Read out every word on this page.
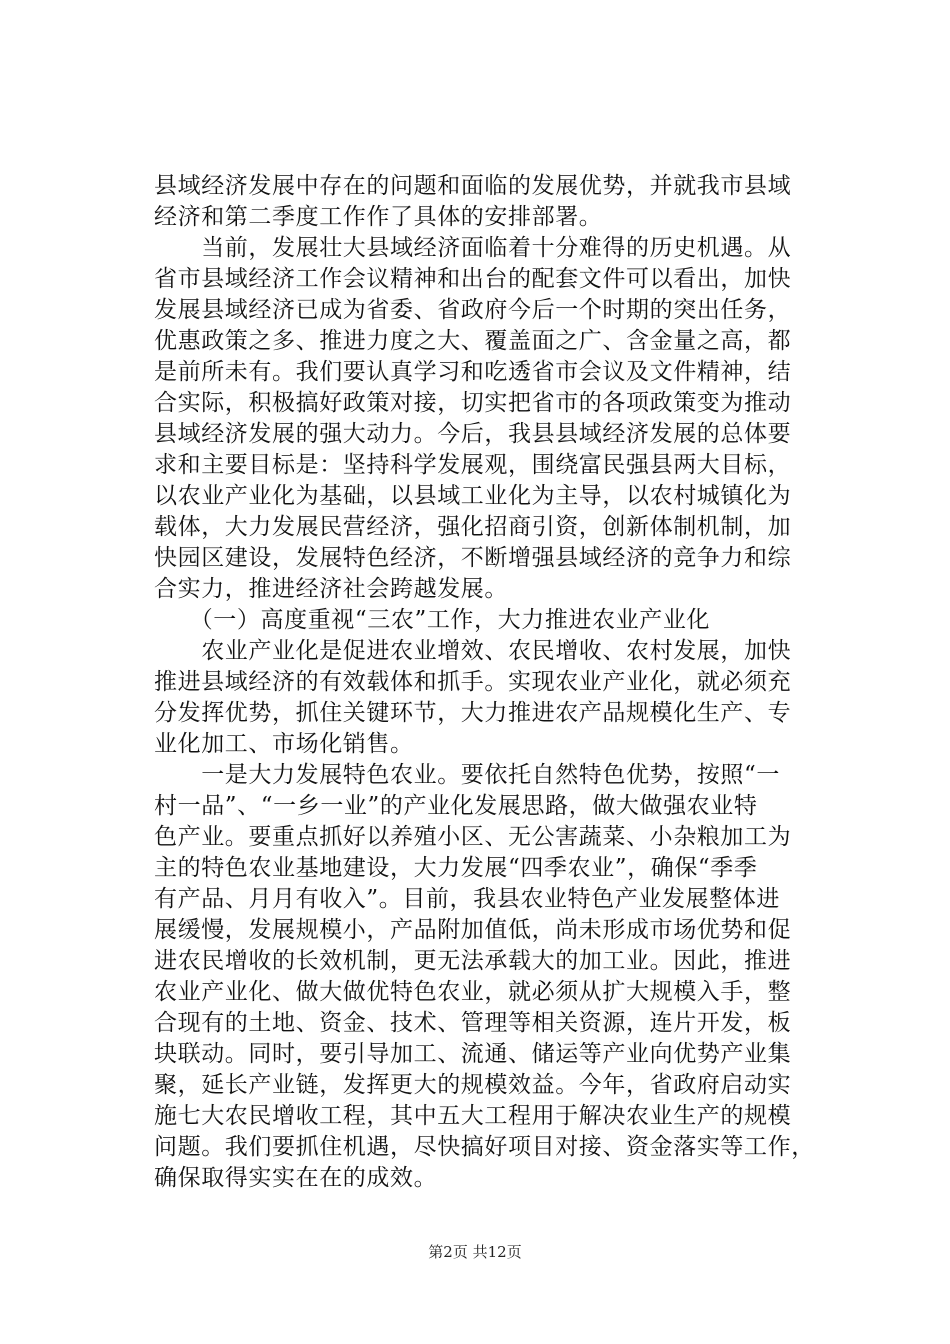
县域经济发展中存在的问题和面临的发展优势，并就我市县域
经济和第二季度工作作了具体的安排部署。
　　当前，发展壮大县域经济面临着十分难得的历史机遇。从
省市县域经济工作会议精神和出台的配套文件可以看出，加快
发展县域经济已成为省委、省政府今后一个时期的突出任务，
优惠政策之多、推进力度之大、覆盖面之广、含金量之高，都
是前所未有。我们要认真学习和吃透省市会议及文件精神，结
合实际，积极搞好政策对接，切实把省市的各项政策变为推动
县域经济发展的强大动力。今后，我县县域经济发展的总体要
求和主要目标是：坚持科学发展观，围绕富民强县两大目标，
以农业产业化为基础，以县域工业化为主导，以农村城镇化为
载体，大力发展民营经济，强化招商引资，创新体制机制，加
快园区建设，发展特色经济，不断增强县域经济的竞争力和综
合实力，推进经济社会跨越发展。
　　（一）高度重视“三农”工作，大力推进农业产业化
　　农业产业化是促进农业增效、农民增收、农村发展，加快
推进县域经济的有效载体和抓手。实现农业产业化，就必须充
分发挥优势，抓住关键环节，大力推进农产品规模化生产、专
业化加工、市场化销售。
　　一是大力发展特色农业。要依托自然特色优势，按照“一
村一品”、“一乡一业”的产业化发展思路，做大做强农业特
色产业。要重点抓好以养殖小区、无公害蔬菜、小杂粮加工为
主的特色农业基地建设，大力发展“四季农业”，确保“季季
有产品、月月有收入”。目前，我县农业特色产业发展整体进
展缓慢，发展规模小，产品附加值低，尚未形成市场优势和促
进农民增收的长效机制，更无法承载大的加工业。因此，推进
农业产业化、做大做优特色农业，就必须从扩大规模入手，整
合现有的土地、资金、技术、管理等相关资源，连片开发，板
块联动。同时，要引导加工、流通、储运等产业向优势产业集
聚，延长产业链，发挥更大的规模效益。今年，省政府启动实
施七大农民增收工程，其中五大工程用于解决农业生产的规模
问题。我们要抓住机遇，尽快搞好项目对接、资金落实等工作，
确保取得实实在在的成效。
第2页 共12页
